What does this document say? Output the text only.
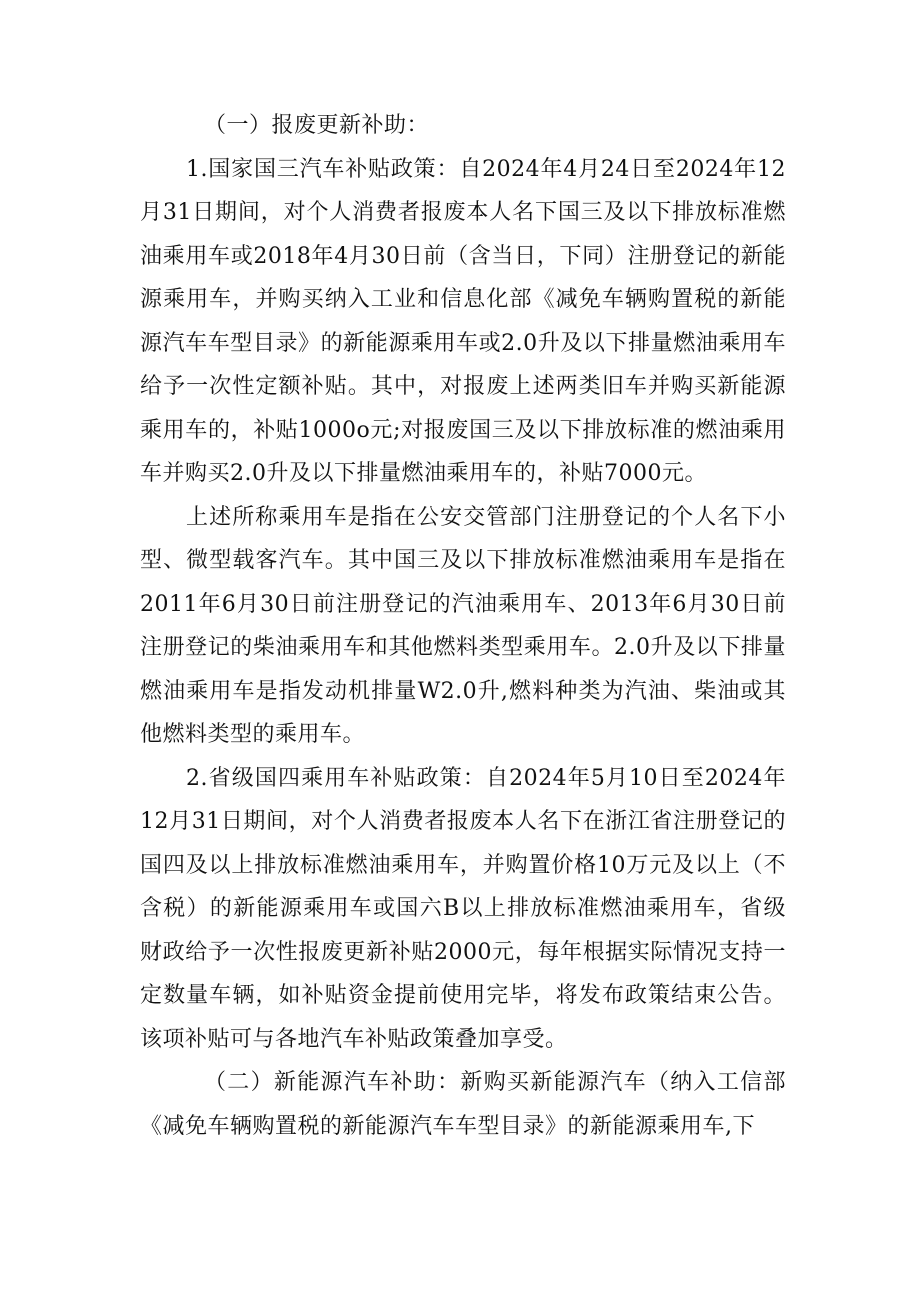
（一）报废更新补助：

1.国家国三汽车补贴政策：自2024年4月24日至2024年12月31日期间，对个人消费者报废本人名下国三及以下排放标准燃油乘用车或2018年4月30日前（含当日，下同）注册登记的新能源乘用车，并购买纳入工业和信息化部《减免车辆购置税的新能源汽车车型目录》的新能源乘用车或2.0升及以下排量燃油乘用车给予一次性定额补贴。其中，对报废上述两类旧车并购买新能源乘用车的，补贴1000o元;对报废国三及以下排放标准的燃油乘用车并购买2.0升及以下排量燃油乘用车的，补贴7000元。

上述所称乘用车是指在公安交管部门注册登记的个人名下小型、微型载客汽车。其中国三及以下排放标准燃油乘用车是指在2011年6月30日前注册登记的汽油乘用车、2013年6月30日前注册登记的柴油乘用车和其他燃料类型乘用车。2.0升及以下排量燃油乘用车是指发动机排量W2.0升,燃料种类为汽油、柴油或其他燃料类型的乘用车。

2.省级国四乘用车补贴政策：自2024年5月10日至2024年12月31日期间，对个人消费者报废本人名下在浙江省注册登记的国四及以上排放标准燃油乘用车，并购置价格10万元及以上（不含税）的新能源乘用车或国六B以上排放标准燃油乘用车，省级财政给予一次性报废更新补贴2000元，每年根据实际情况支持一定数量车辆，如补贴资金提前使用完毕，将发布政策结束公告。该项补贴可与各地汽车补贴政策叠加享受。

（二）新能源汽车补助：新购买新能源汽车（纳入工信部《减免车辆购置税的新能源汽车车型目录》的新能源乘用车,下
